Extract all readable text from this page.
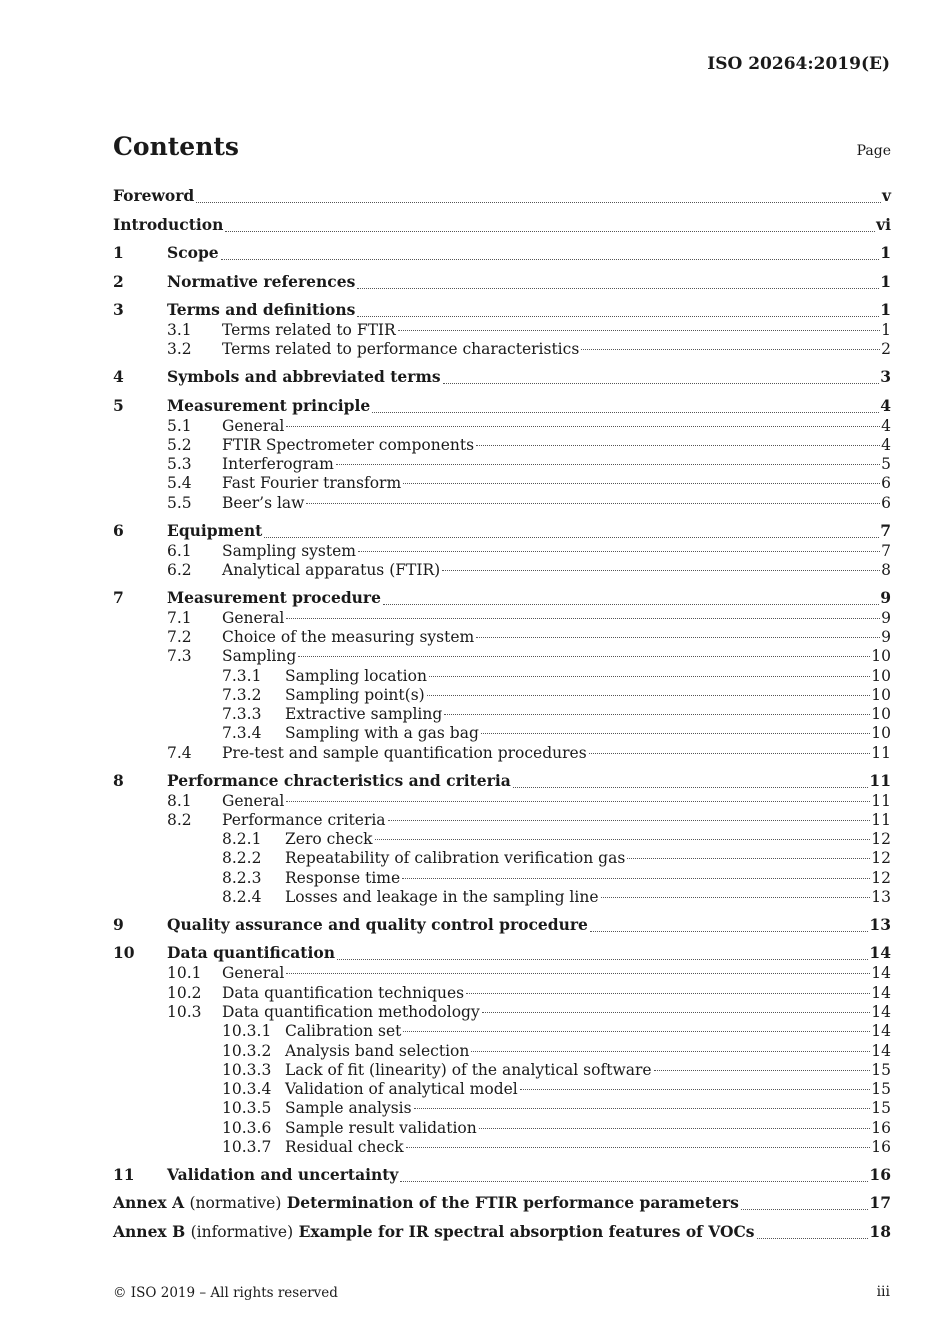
ISO 20264:2019(E)
Contents	Page
Foreword	v
Introduction	vi
1	Scope	1
2	Normative references	1
3	Terms and definitions	1
3.1	Terms related to FTIR	1
3.2	Terms related to performance characteristics	2
4	Symbols and abbreviated terms	3
5	Measurement principle	4
5.1	General	4
5.2	FTIR Spectrometer components	4
5.3	Interferogram	5
5.4	Fast Fourier transform	6
5.5	Beer’s law	6
6	Equipment	7
6.1	Sampling system	7
6.2	Analytical apparatus (FTIR)	8
7	Measurement procedure	9
7.1	General	9
7.2	Choice of the measuring system	9
7.3	Sampling	10
7.3.1	Sampling location	10
7.3.2	Sampling point(s)	10
7.3.3	Extractive sampling	10
7.3.4	Sampling with a gas bag	10
7.4	Pre-test and sample quantification procedures	11
8	Performance chracteristics and criteria	11
8.1	General	11
8.2	Performance criteria	11
8.2.1	Zero check	12
8.2.2	Repeatability of calibration verification gas	12
8.2.3	Response time	12
8.2.4	Losses and leakage in the sampling line	13
9	Quality assurance and quality control procedure	13
10	Data quantification	14
10.1	General	14
10.2	Data quantification techniques	14
10.3	Data quantification methodology	14
10.3.1 Calibration set	14
10.3.2 Analysis band selection	14
10.3.3 Lack of fit (linearity) of the analytical software	15
10.3.4 Validation of analytical model	15
10.3.5 Sample analysis	15
10.3.6 Sample result validation	16
10.3.7 Residual check	16
11	Validation and uncertainty	16
Annex A (normative) Determination of the FTIR performance parameters	17
Annex B (informative) Example for IR spectral absorption features of VOCs	18
© ISO 2019 – All rights reserved	iii
